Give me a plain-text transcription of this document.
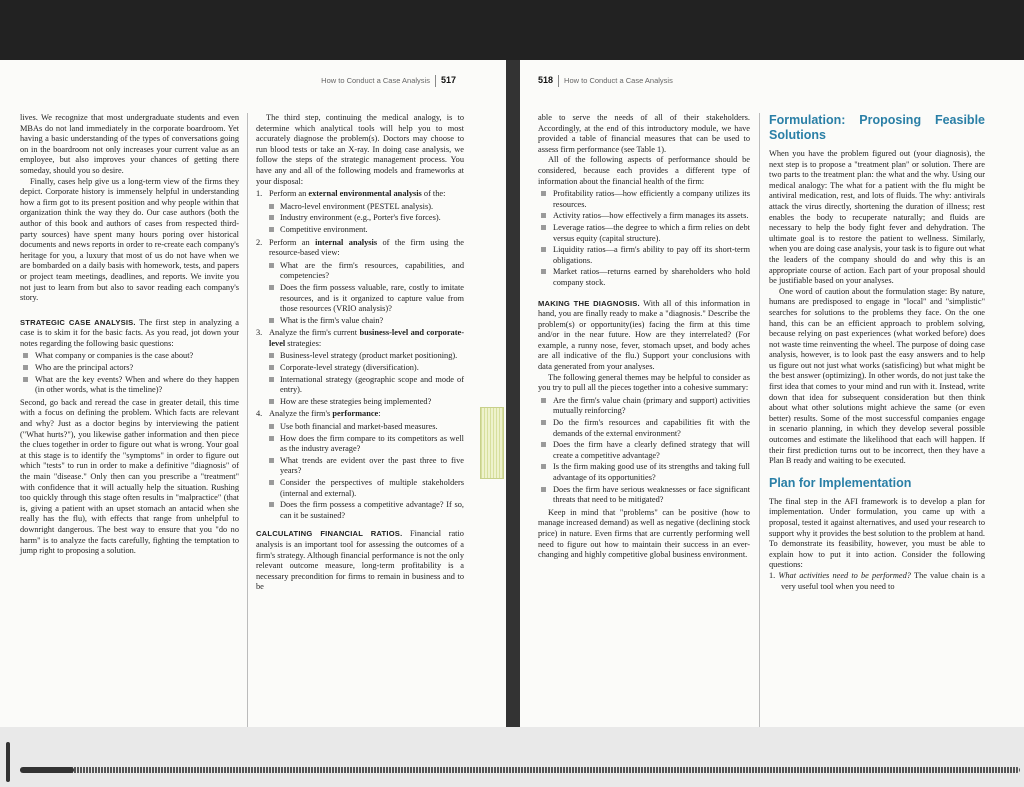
How to Conduct a Case Analysis 517

lives. We recognize that most undergraduate students and even MBAs do not land immediately in the corporate boardroom. Yet having a basic understanding of the types of conversations going on in the boardroom not only increases your current value as an employee, but also improves your chances of getting there someday, should you so desire.

Finally, cases help give us a long-term view of the firms they depict. Corporate history is immensely helpful in understanding how a firm got to its present position and why people within that organization think the way they do. Our case authors (both the author of this book and authors of cases from respected third-party sources) have spent many hours poring over historical documents and news reports in order to re-create each company's heritage for you, a luxury that most of us do not have when we are bombarded on a daily basis with homework, tests, and papers or project team meetings, deadlines, and reports. We invite you not just to learn from but also to savor reading each company's story.

STRATEGIC CASE ANALYSIS. The first step in analyzing a case is to skim it for the basic facts. As you read, jot down your notes regarding the following basic questions:

What company or companies is the case about?
Who are the principal actors?
What are the key events? When and where do they happen (in other words, what is the timeline)?

Second, go back and reread the case in greater detail, this time with a focus on defining the problem. Which facts are relevant and why? Just as a doctor begins by interviewing the patient ("What hurts?"), you likewise gather information and then piece the clues together in order to figure out what is wrong. Your goal at this stage is to identify the "symptoms" in order to figure out which "tests" to run in order to make a definitive "diagnosis" of the main "disease." Only then can you prescribe a "treatment" with confidence that it will actually help the situation. Rushing too quickly through this stage often results in "malpractice" (that is, giving a patient with an upset stomach an antacid when she really has the flu), with effects that range from unhelpful to downright dangerous. The best way to ensure that you "do no harm" is to analyze the facts carefully, fighting the temptation to jump right to proposing a solution.

The third step, continuing the medical analogy, is to determine which analytical tools will help you to most accurately diagnose the problem(s). Doctors may choose to run blood tests or take an X-ray. In doing case analysis, we follow the steps of the strategic management process. You have any and all of the following models and frameworks at your disposal:

1. Perform an external environmental analysis of the:
Macro-level environment (PESTEL analysis).
Industry environment (e.g., Porter's five forces).
Competitive environment.
2. Perform an internal analysis of the firm using the resource-based view:
What are the firm's resources, capabilities, and competencies?
Does the firm possess valuable, rare, costly to imitate resources, and is it organized to capture value from those resources (VRIO analysis)?
What is the firm's value chain?
3. Analyze the firm's current business-level and corporate-level strategies:
Business-level strategy (product market positioning).
Corporate-level strategy (diversification).
International strategy (geographic scope and mode of entry).
How are these strategies being implemented?
4. Analyze the firm's performance:
Use both financial and market-based measures.
How does the firm compare to its competitors as well as the industry average?
What trends are evident over the past three to five years?
Consider the perspectives of multiple stakeholders (internal and external).
Does the firm possess a competitive advantage? If so, can it be sustained?

CALCULATING FINANCIAL RATIOS. Financial ratio analysis is an important tool for assessing the outcomes of a firm's strategy. Although financial performance is not the only relevant outcome measure, long-term profitability is a necessary precondition for firms to remain in business and to be

518 How to Conduct a Case Analysis

able to serve the needs of all of their stakeholders. Accordingly, at the end of this introductory module, we have provided a table of financial measures that can be used to assess firm performance (see Table 1).

All of the following aspects of performance should be considered, because each provides a different type of information about the financial health of the firm:

Profitability ratios—how efficiently a company utilizes its resources.
Activity ratios—how effectively a firm manages its assets.
Leverage ratios—the degree to which a firm relies on debt versus equity (capital structure).
Liquidity ratios—a firm's ability to pay off its short-term obligations.
Market ratios—returns earned by shareholders who hold company stock.

MAKING THE DIAGNOSIS. With all of this information in hand, you are finally ready to make a "diagnosis." Describe the problem(s) or opportunity(ies) facing the firm at this time and/or in the near future. How are they interrelated? (For example, a runny nose, fever, stomach upset, and body aches are all indicative of the flu.) Support your conclusions with data generated from your analyses.

The following general themes may be helpful to consider as you try to pull all the pieces together into a cohesive summary:

Are the firm's value chain (primary and support) activities mutually reinforcing?
Do the firm's resources and capabilities fit with the demands of the external environment?
Does the firm have a clearly defined strategy that will create a competitive advantage?
Is the firm making good use of its strengths and taking full advantage of its opportunities?
Does the firm have serious weaknesses or face significant threats that need to be mitigated?

Keep in mind that "problems" can be positive (how to manage increased demand) as well as negative (declining stock price) in nature. Even firms that are currently performing well need to figure out how to maintain their success in an ever-changing and highly competitive global business environment.

Formulation: Proposing Feasible Solutions

When you have the problem figured out (your diagnosis), the next step is to propose a "treatment plan" or solution. There are two parts to the treatment plan: the what and the why. Using our medical analogy: The what for a patient with the flu might be antiviral medication, rest, and lots of fluids. The why: antivirals attack the virus directly, shortening the duration of illness; rest enables the body to recuperate naturally; and fluids are necessary to help the body fight fever and dehydration. The ultimate goal is to restore the patient to wellness. Similarly, when you are doing case analysis, your task is to figure out what the leaders of the company should do and why this is an appropriate course of action. Each part of your proposal should be justifiable based on your analyses.

One word of caution about the formulation stage: By nature, humans are predisposed to engage in "local" and "simplistic" searches for solutions to the problems they face. On the one hand, this can be an efficient approach to problem solving, because relying on past experiences (what worked before) does not waste time reinventing the wheel. The purpose of doing case analysis, however, is to look past the easy answers and to help us figure out not just what works (satisficing) but what might be the best answer (optimizing). In other words, do not just take the first idea that comes to your mind and run with it. Instead, write down that idea for subsequent consideration but then think about what other solutions might achieve the same (or even better) results. Some of the most successful companies engage in scenario planning, in which they develop several possible outcomes and estimate the likelihood that each will happen. If their first prediction turns out to be incorrect, then they have a Plan B ready and waiting to be executed.

Plan for Implementation

The final step in the AFI framework is to develop a plan for implementation. Under formulation, you came up with a proposal, tested it against alternatives, and used your research to support why it provides the best solution to the problem at hand. To demonstrate its feasibility, however, you must be able to explain how to put it into action. Consider the following questions:

1. What activities need to be performed? The value chain is a very useful tool when you need to
